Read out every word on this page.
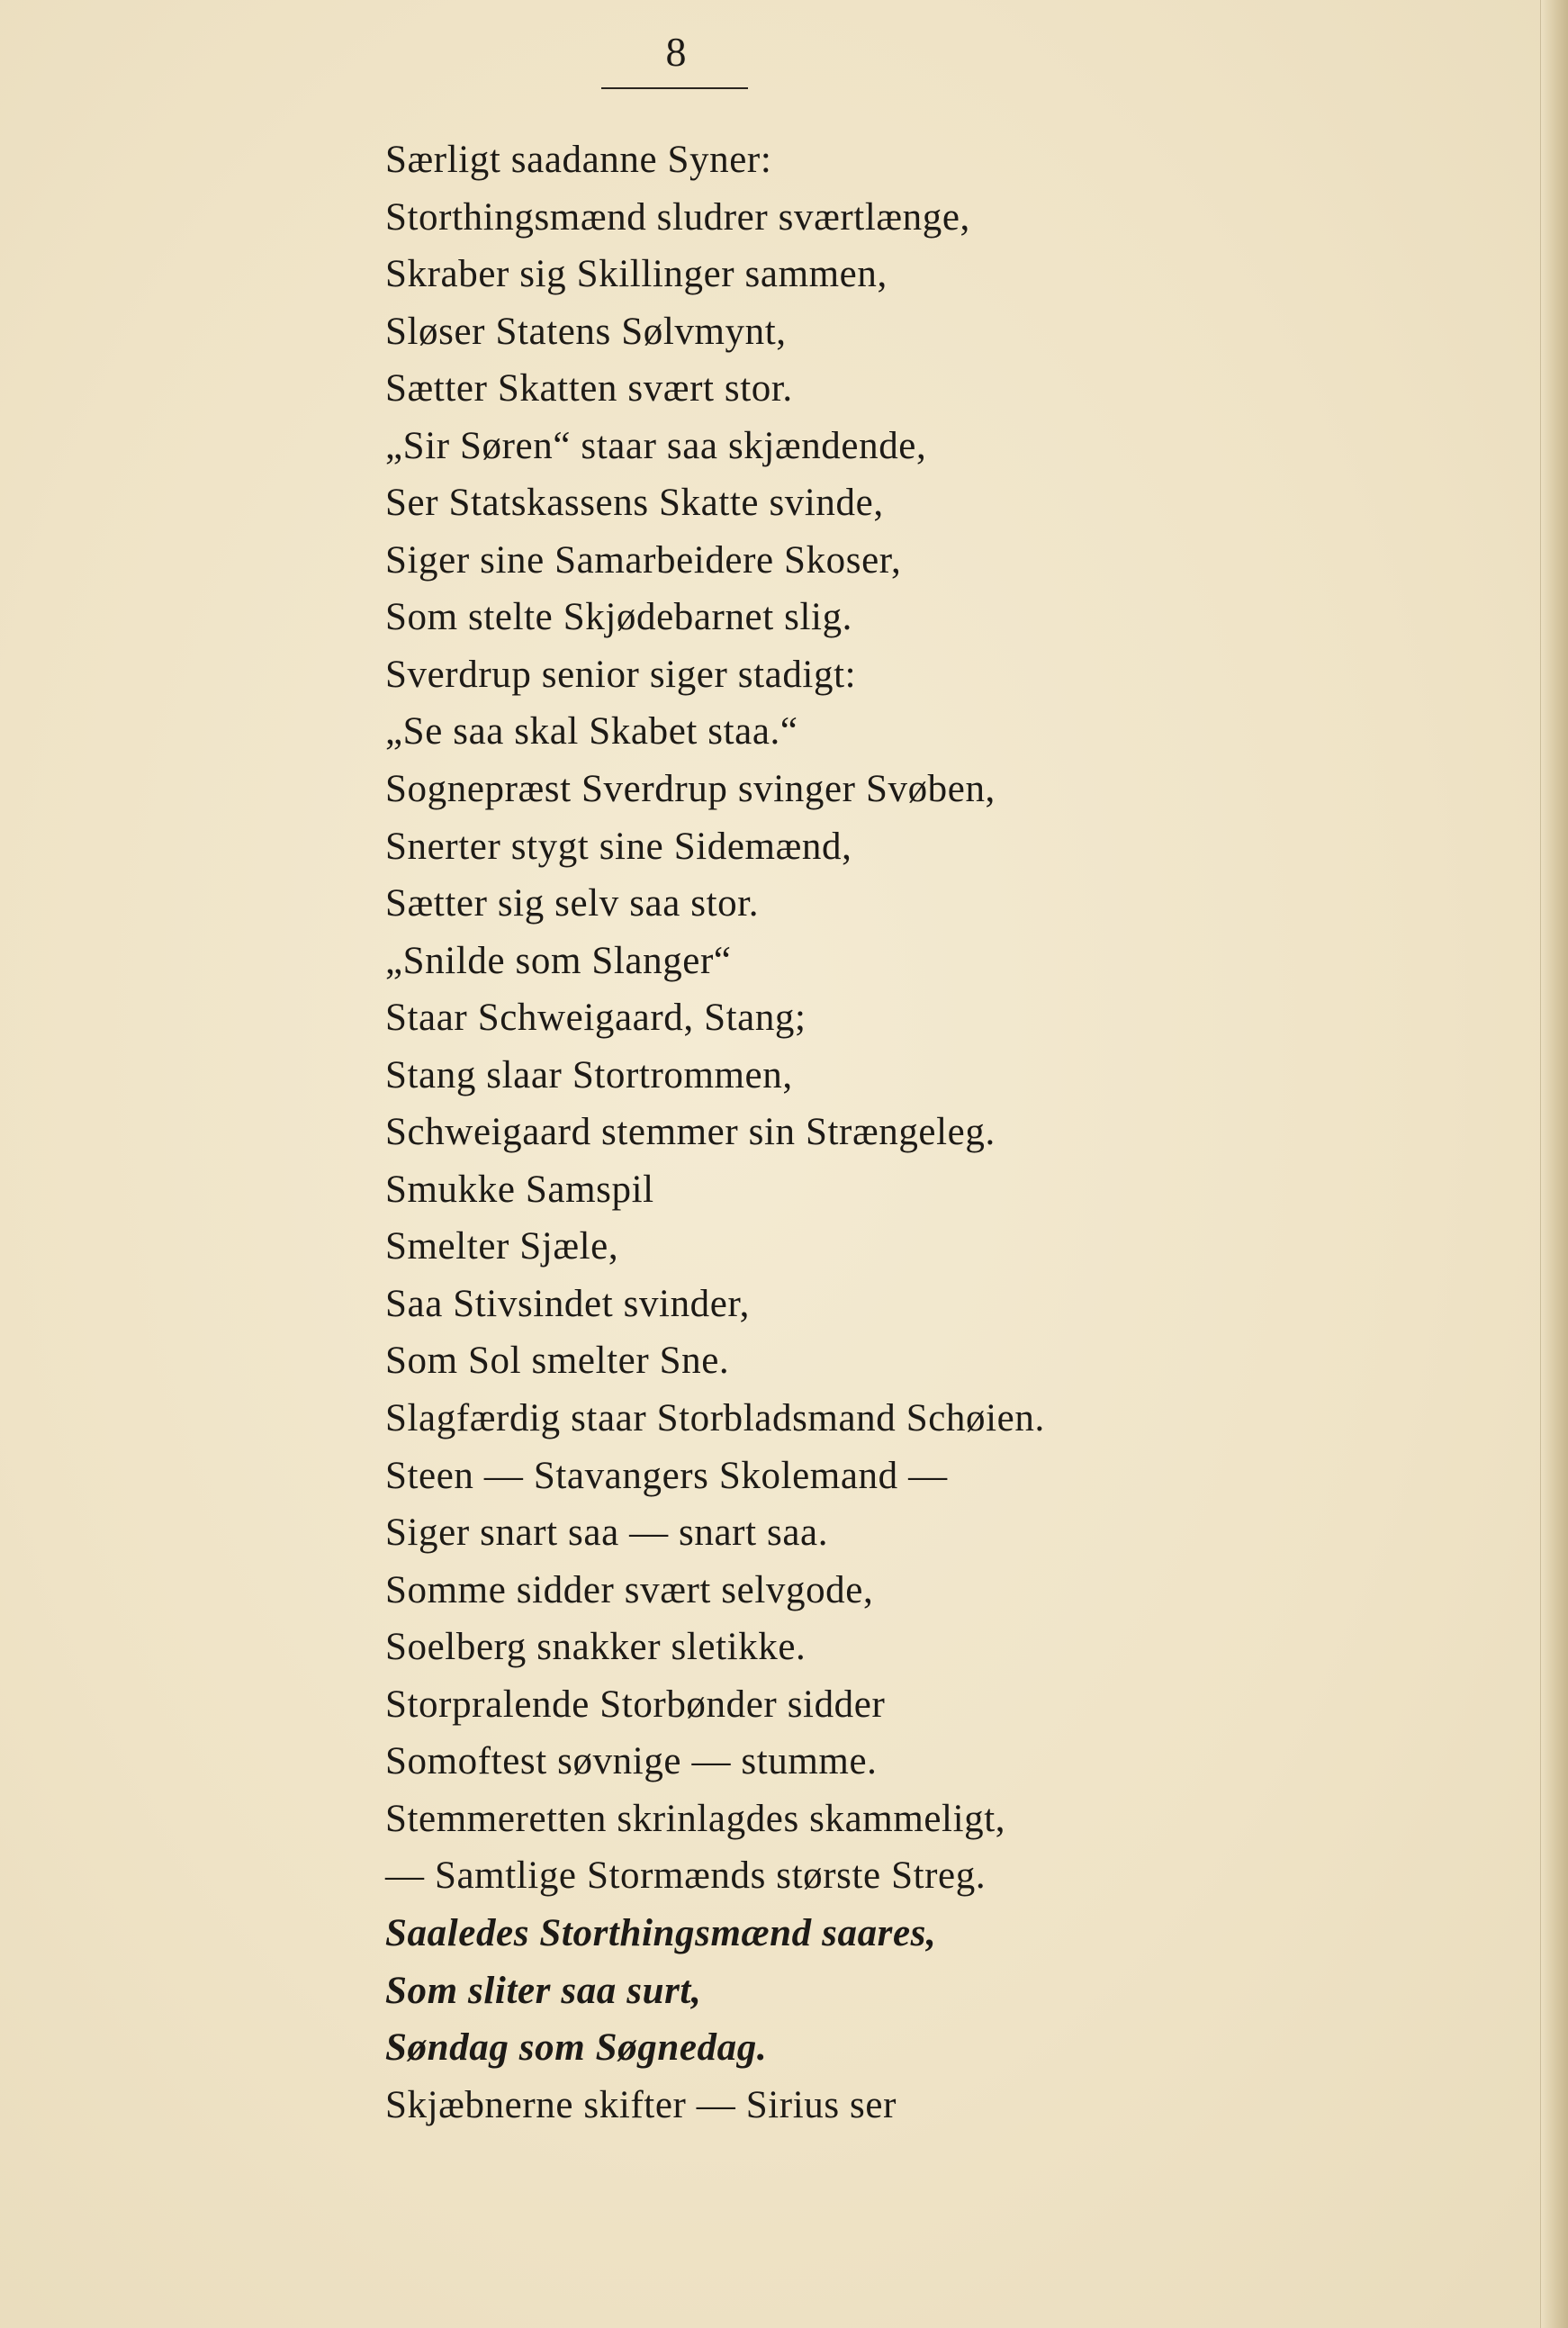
8
Særligt saadanne Syner:
Storthingsmænd sludrer sværtlænge,
Skraber sig Skillinger sammen,
Sløser Statens Sølvmynt,
Sætter Skatten svært stor.
„Sir Søren“ staar saa skjændende,
Ser Statskassens Skatte svinde,
Siger sine Samarbeidere Skoser,
Som stelte Skjødebarnet slig.
Sverdrup senior siger stadigt:
„Se saa skal Skabet staa.“
Sognepræst Sverdrup svinger Svøben,
Snerter stygt sine Sidemænd,
Sætter sig selv saa stor.
„Snilde som Slanger“
Staar Schweigaard, Stang;
Stang slaar Stortrommen,
Schweigaard stemmer sin Strængeleg.
Smukke Samspil
Smelter Sjæle,
Saa Stivsindet svinder,
Som Sol smelter Sne.
Slagfærdig staar Storbladsmand Schøien.
Steen — Stavangers Skolemand —
Siger snart saa — snart saa.
Somme sidder svært selvgode,
Soelberg snakker sletikke.
Storpralende Storbønder sidder
Somoftest søvnige — stumme.
Stemmeretten skrinlagdes skammeligt,
— Samtlige Stormænds største Streg.
Saaledes Storthingsmænd saares,
Som sliter saa surt,
Søndag som Søgnedag.
Skjæbnerne skifter — Sirius ser
